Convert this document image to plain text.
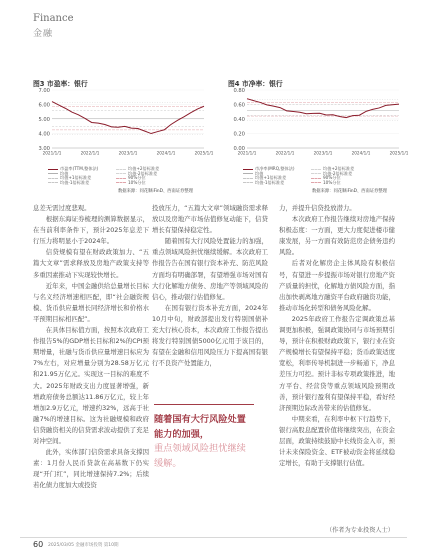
Finance
金融
图3 市盈率：银行
3.00
4.00
5.00
6.00
7.00
2021/1/1	2022/1/1	2023/1/1	2024/1/1	2025/1/1
市盈率(TTM,整体法)
均值
均值+1倍标准差
均值-1倍标准差
均值+2倍标准差
均值-2倍标准差
90%分位
10%分位
数据来源：同花顺iFinD、西南证券整理
图4 市净率：银行
0.00
0.20
0.40
0.60
0.80
2021/1/1	2022/1/1	2023/1/1	2024/1/1	2025/1/1
市净率(MRQ,整体法)
均值
均值+1倍标准差
均值-1倍标准差
均值+2倍标准差
均值-2倍标准差
90%分位
10%分位
数据来源：同花顺iFinD、西南证券整理

息差无需过度悲观。

根据东海证券梳理的测算数据显示，在当前利率条件下，预计2025年息差下行压力将明显小于2024年。

信贷规模有望在财政政策加力、“五篇大文章”需求释放及房地产政策支持等多重因素推动下实现较快增长。

近年来，中国金融供给总量增长目标与名义经济增速相匹配，即“社会融资规模、货币供应量增长同经济增长和价格水平预期目标相匹配”。

在具体目标值方面，按照本次政府工作报告5%的GDP增长目标和2%的CPI预期增量，社融与货币供应量增速目标应为7%左右，对应增量分别为28.58万亿元和21.95万亿元。实现这一目标的难度不大。2025年财政支出力度显著增强，新增政府债务总额达11.86万亿元，较上年增加2.9万亿元，增速约32%，远高于社融7%的增速目标。这为社融规模和政府信贷融资相关的信贷需求波动提供了充足对冲空间。

此外，实体部门信贷需求具备支撑因素：1月份人民币贷款在高基数下仍实现“开门红”，同比增速保持7.2%；后续若化债力度加大或投资

投放压力，“五篇大文章”领域融资需求释放以及房地产市场估值修复动能下，信贷增长有望保持稳定性。

随着国有大行风险处置能力的加强，重点领域风险担忧继续缓解。本次政府工作报告告在国有银行资本补充、防范风险方面均有明确部署，有望增强市场对国有大行化解地方债务、房地产等领域风险的信心，推动银行估值修复。

在国有银行资本补充方面，2024年10月中旬，财政部提出发行特别国债补充大行核心资本，本次政府工作报告提出将发行特别国债5000亿元用于该目的，有望在金融和信用风险压力下提高国有银行不良资产处置能力，

力，并提升信贷投放潜力。

本次政府工作报告继续对房地产保持积极态度：一方面，更大力度促进楼市健康发展，另一方面有效防范房企债务违约风险。

后者对化解房企主体风险有积极信号，有望进一步提振市场对银行房地产资产质量的担忧，化解地方债风险方面，指出加快剥离地方融资平台政府融资功能，推动市场化转型和债务风险化解。

2025年政府工作报告定调政策总基调更加积极，强调政策协同与市场预期引导，预计在积极财政政策下，银行业在资产规模增长有望保持平稳；货币政策适度宽松，利率传导机制进一步畅通下，净息差压力可控。预计非标专项政策推进，地方平台、经营贷等重点领域风险预期改善，预计银行盈利有望保持平稳，看好经济预期边际改善带来的估值修复。

中期来看，在利率中枢下行趋势下，银行高股息配置价值将继续突出，在资金层面，政策持续鼓励中长线资金入市，预计未来保险资金、ETF被动资金将延续稳定增长，有助于支撑银行估值。

随着国有大行风险处置能力的加强，
重点领域风险担忧继续缓解。
（作者为专业投资人士）
60 2025/03/05 金融市场投资 第10期
